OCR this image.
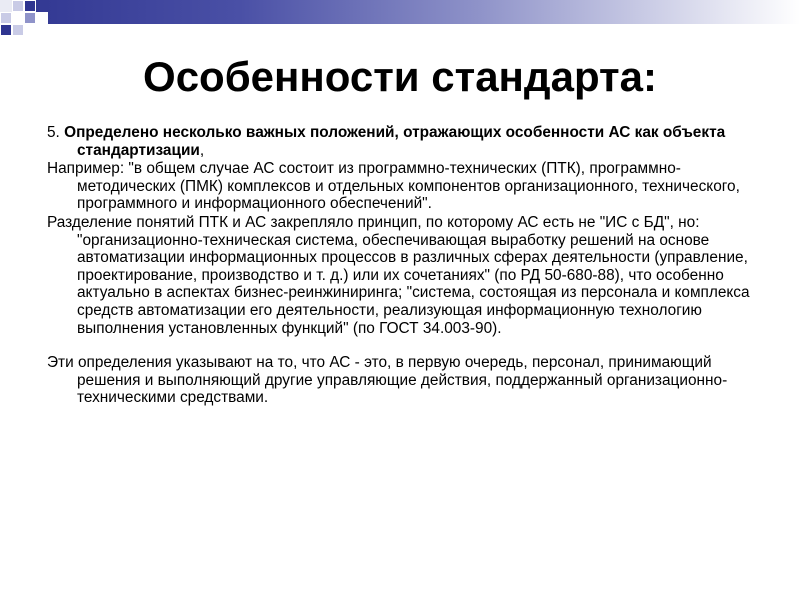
Особенности стандарта:

5. Определено несколько важных положений, отражающих особенности АС как объекта стандартизации,

Например: "в общем случае АС состоит из программно-технических (ПТК), программно-методических (ПМК) комплексов и отдельных компонентов организационного, технического, программного и информационного обеспечений".

Разделение понятий ПТК и АС закрепляло принцип, по которому АС есть не "ИС с БД", но: "организационно-техническая система, обеспечивающая выработку решений на основе автоматизации информационных процессов в различных сферах деятельности (управление, проектирование, производство и т. д.) или их сочетаниях" (по РД 50-680-88), что особенно актуально в аспектах бизнес-реинжиниринга; "система, состоящая из персонала и комплекса средств автоматизации его деятельности, реализующая информационную технологию выполнения установленных функций" (по ГОСТ 34.003-90).

Эти определения указывают на то, что АС - это, в первую очередь, персонал, принимающий решения и выполняющий другие управляющие действия, поддержанный организационно-техническими средствами.
